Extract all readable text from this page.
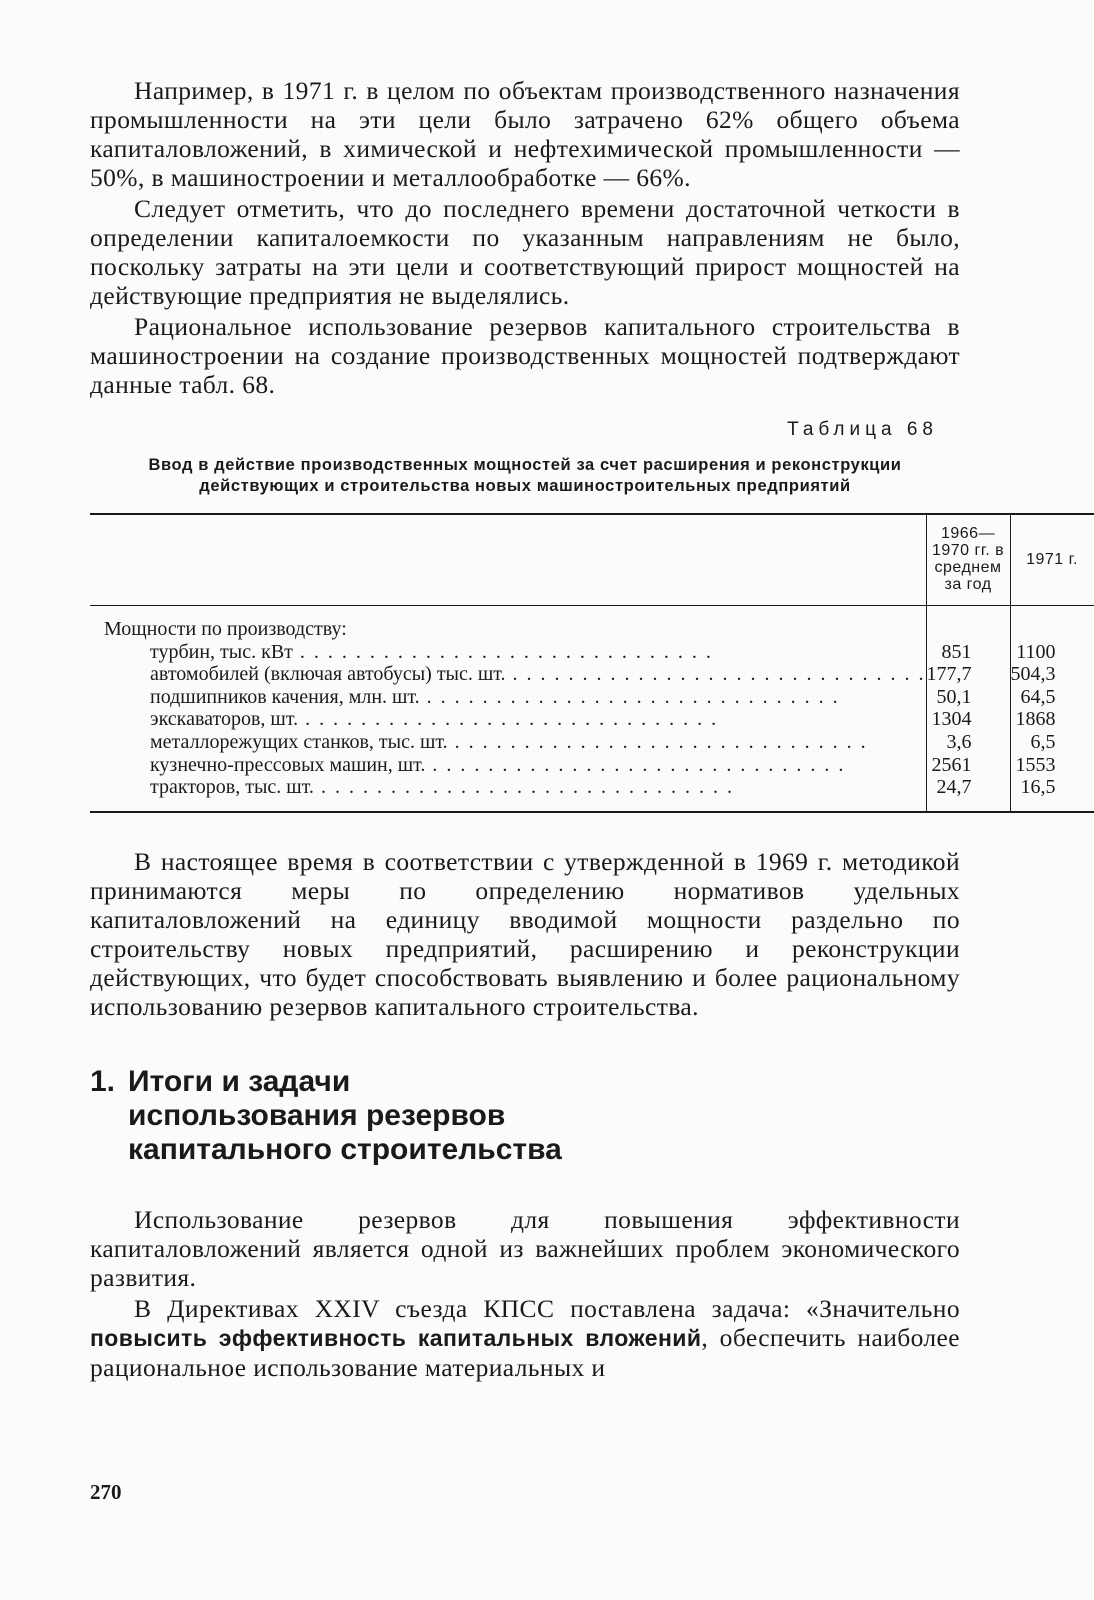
Например, в 1971 г. в целом по объектам производственного назначения промышленности на эти цели было затрачено 62% общего объема капиталовложений, в химической и нефтехимической промышленности — 50%, в машиностроении и металлообработке — 66%.

Следует отметить, что до последнего времени достаточной четкости в определении капиталоемкости по указанным направлениям не было, поскольку затраты на эти цели и соответствующий прирост мощностей на действующие предприятия не выделялись.

Рациональное использование резервов капитального строительства в машиностроении на создание производственных мощностей подтверждают данные табл. 68.

Таблица 68
Ввод в действие производственных мощностей за счет расширения и реконструкции действующих и строительства новых машиностроительных предприятий
	1966—1970 гг. в среднем за год	1971 г.

Мощности по производству:		

турбин, тыс. кВт . . .	851	1100

автомобилей (включая автобусы) тыс. шт. . . .	177,7	504,3

подшипников качения, млн. шт. . . .	50,1	64,5

экскаваторов, шт. . . .	1304	1868

металлорежущих станков, тыс. шт. . . .	3,6	6,5

кузнечно-прессовых машин, шт. . . .	2561	1553

тракторов, тыс. шт. . . .	24,7	16,5

В настоящее время в соответствии с утвержденной в 1969 г. методикой принимаются меры по определению нормативов удельных капиталовложений на единицу вводимой мощности раздельно по строительству новых предприятий, расширению и реконструкции действующих, что будет способствовать выявлению и более рациональному использованию резервов капитального строительства.

1. Итоги и задачи
использования резервов
капитального строительства

Использование резервов для повышения эффективности капиталовложений является одной из важнейших проблем экономического развития.

В Директивах XXIV съезда КПСС поставлена задача: «Значительно повысить эффективность капитальных вложений, обеспечить наиболее рациональное использование материальных и

270
